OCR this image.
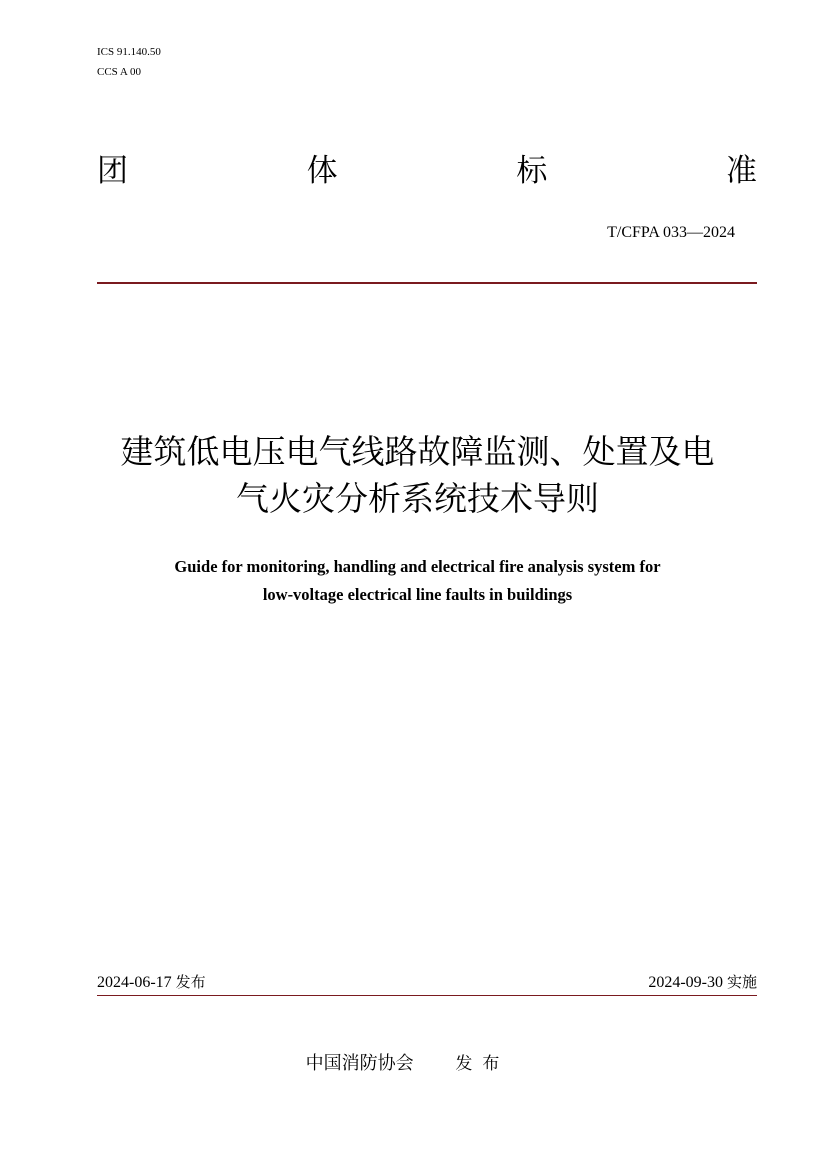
ICS 91.140.50
CCS A 00
团	体	标	准
T/CFPA 033—2024
建筑低电压电气线路故障监测、处置及电
气火灾分析系统技术导则
Guide for monitoring, handling and electrical fire analysis system for
low-voltage electrical line faults in buildings
2024-06-17 发布	2024-09-30 实施
中国消防协会 发布
